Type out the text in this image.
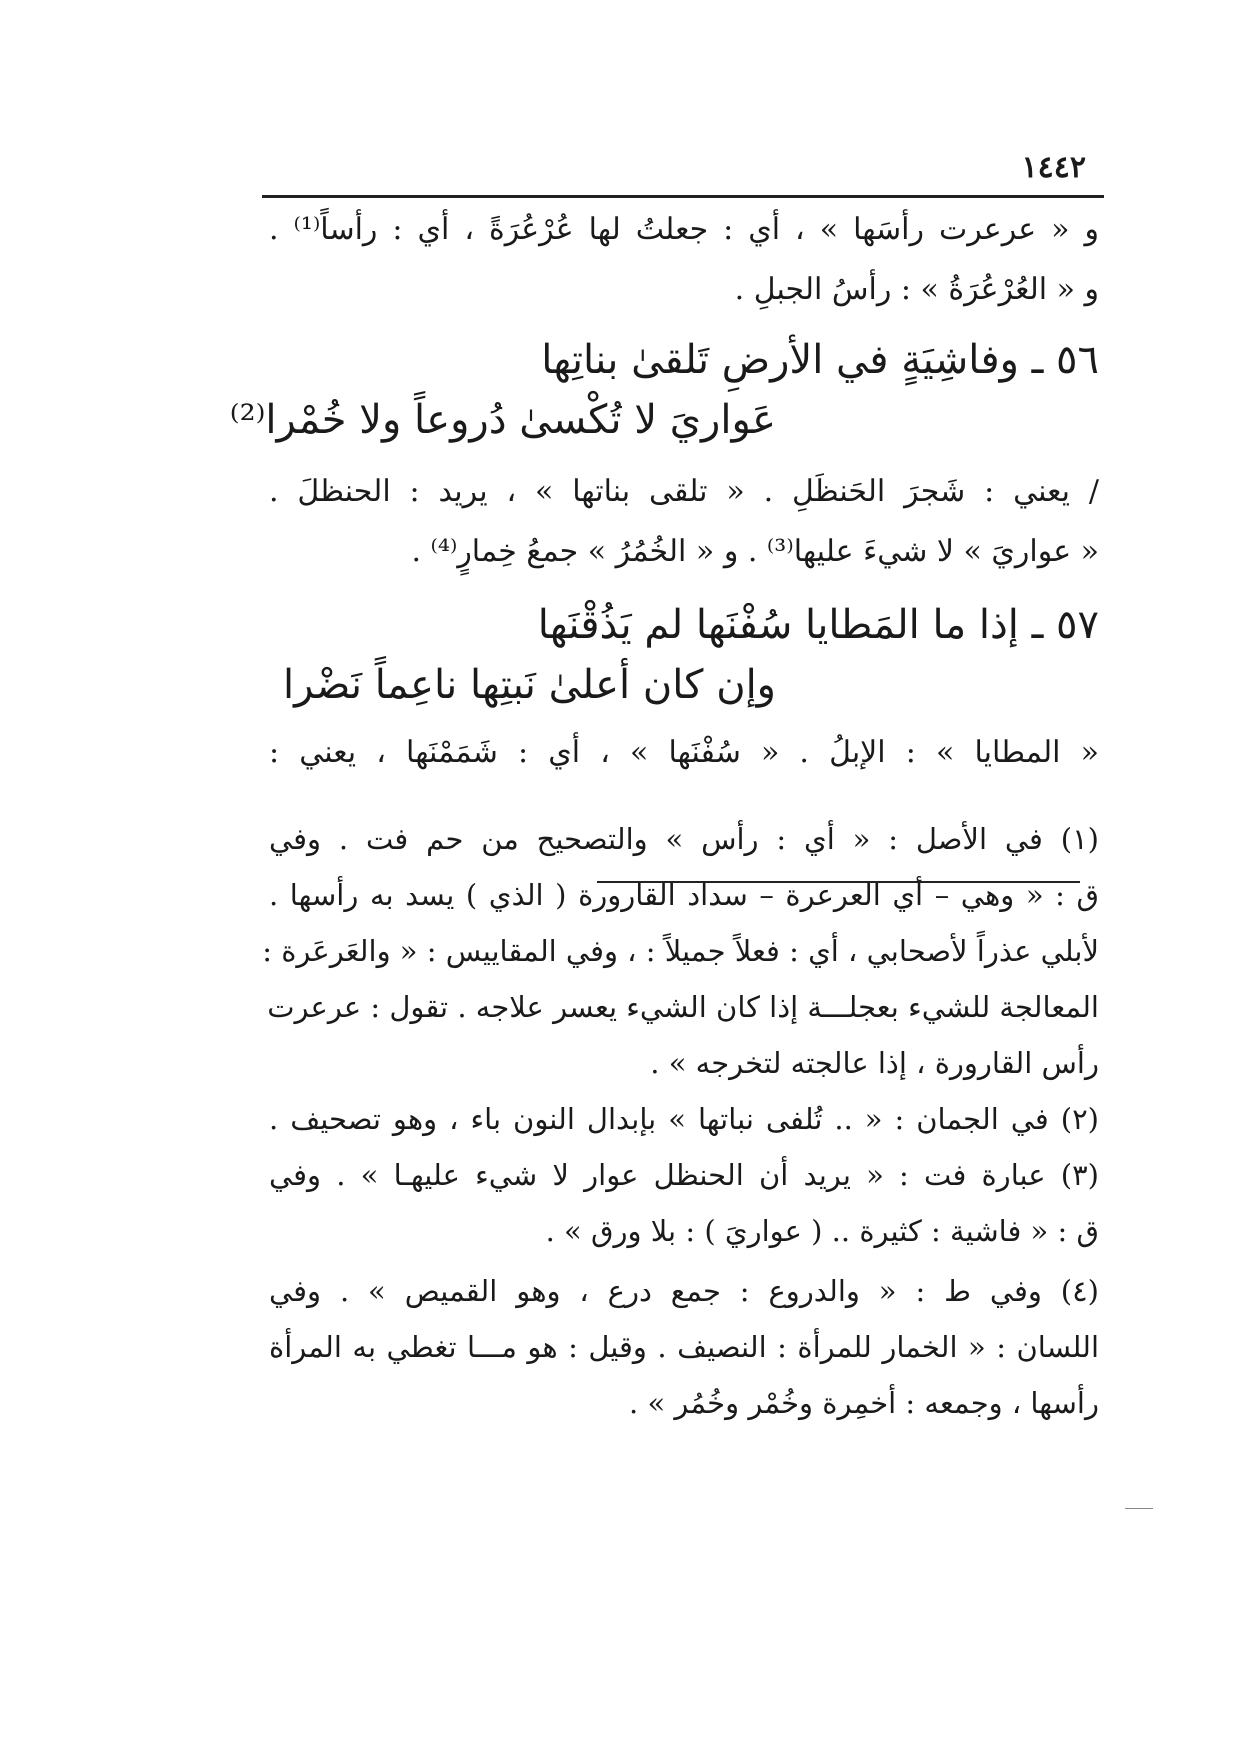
١٤٤٢
و « عرعرت رأسَها » ، أي : جعلتُ لها عُرْعُرَةً ، أي : رأساً⁽¹⁾ .
و « العُرْعُرَةُ » : رأسُ الجبلِ .
٥٦ ـ وفاشِيَةٍ في الأرضِ تَلقىٰ بناتِها
عَواريَ لا تُكْسىٰ دُروعاً ولا خُمْرا⁽²⁾
/ يعني : شَجرَ الحَنظَلِ . « تلقى بناتها » ، يريد : الحنظلَ .
« عواريَ » لا شيءَ عليها⁽³⁾ . و « الخُمُرُ » جمعُ خِمارٍ⁽⁴⁾ .
٥٧ ـ إذا ما المَطايا سُفْنَها لم يَذُقْنَها
وإن كان أعلىٰ نَبتِها ناعِماً نَضْرا
« المطايا » : الإبلُ . « سُفْنَها » ، أي : شَمَمْنَها ، يعني :
(١) في الأصل : « أي : رأس » والتصحيح من حم فت . وفي
ق : « وهي – أي العرعرة – سداد القارورة ( الذي ) يسد به رأسها .
لأبلي عذراً لأصحابي ، أي : فعلاً جميلاً : ، وفي المقاييس : « والعَرعَرة :
المعالجة للشيء بعجلـــة إذا كان الشيء يعسر علاجه . تقول : عرعرت
رأس القارورة ، إذا عالجته لتخرجه » .
(٢) في الجمان : « .. تُلفى نباتها » بإبدال النون باء ، وهو تصحيف .
(٣) عبارة فت : « يريد أن الحنظل عوار لا شيء عليهـا » . وفي
ق : « فاشية : كثيرة .. ( عواريَ ) : بلا ورق » .
(٤) وفي ط : « والدروع : جمع درع ، وهو القميص » . وفي
اللسان : « الخمار للمرأة : النصيف . وقيل : هو مـــا تغطي به المرأة
رأسها ، وجمعه : أخمِرة وخُمْر وخُمُر » .
